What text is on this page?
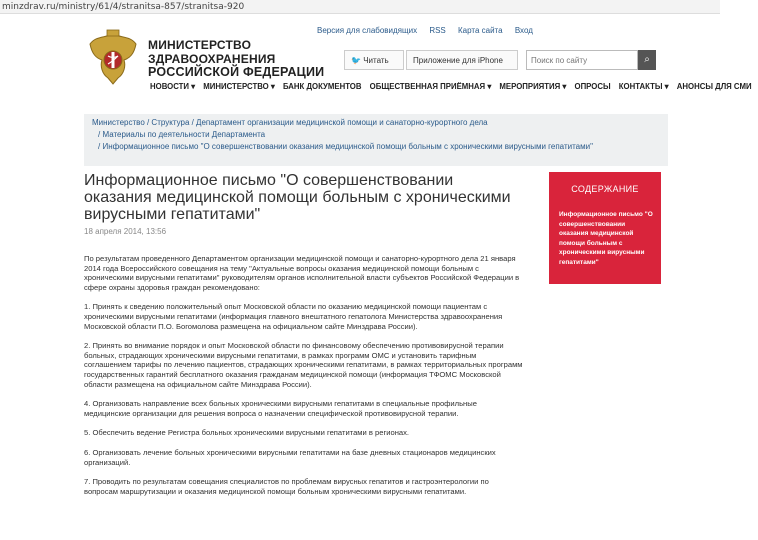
minzdrav.ru/ministry/61/4/stranitsa-857/stranitsa-920
МИНИСТЕРСТВО
ЗДРАВООХРАНЕНИЯ
РОССИЙСКОЙ ФЕДЕРАЦИИ
Версия для слабовидящих RSS Карта сайта Вход
🐦 Читать	Приложение для iPhone
Поиск по сайту	⌕
НОВОСТИ ▾ МИНИСТЕРСТВО ▾ БАНК ДОКУМЕНТОВ ОБЩЕСТВЕННАЯ ПРИЁМНАЯ ▾ МЕРОПРИЯТИЯ ▾ ОПРОСЫ КОНТАКТЫ ▾ АНОНСЫ ДЛЯ СМИ
Министерство / Структура / Департамент организации медицинской помощи и санаторно-курортного дела
/ Материалы по деятельности Департамента
/ Информационное письмо "О совершенствовании оказания медицинской помощи больным с хроническими вирусными гепатитами"
Информационное письмо "О совершенствовании оказания медицинской помощи больным с хроническими вирусными гепатитами"
18 апреля 2014, 13:56
СОДЕРЖАНИЕ
Информационное письмо "О совершенствовании оказания медицинской помощи больным с хроническими вирусными гепатитами"

По результатам проведенного Департаментом организации медицинской помощи и санаторно-курортного дела 21 января 2014 года Всероссийского совещания на тему "Актуальные вопросы оказания медицинской помощи больным с хроническими вирусными гепатитами" руководителям органов исполнительной власти субъектов Российской Федерации в сфере охраны здоровья граждан рекомендовано:

1. Принять к сведению положительный опыт Московской области по оказанию медицинской помощи пациентам с хроническими вирусными гепатитами (информация главного внештатного гепатолога Министерства здравоохранения Московской области П.О. Богомолова размещена на официальном сайте Минздрава России).

2. Принять во внимание порядок и опыт Московской области по финансовому обеспечению противовирусной терапии больных, страдающих хроническими вирусными гепатитами, в рамках программ ОМС и установить тарифным соглашением тарифы по лечению пациентов, страдающих хроническими гепатитами, в рамках территориальных программ государственных гарантий бесплатного оказания гражданам медицинской помощи (информация ТФОМС Московской области размещена на официальном сайте Минздрава России).

4. Организовать направление всех больных хроническими вирусными гепатитами в специальные профильные медицинские организации для решения вопроса о назначении специфической противовирусной терапии.

5. Обеспечить ведение Регистра больных хроническими вирусными гепатитами в регионах.

6. Организовать лечение больных хроническими вирусными гепатитами на базе дневных стационаров медицинских организаций.

7. Проводить по результатам совещания специалистов по проблемам вирусных гепатитов и гастроэнтерологии по вопросам маршрутизации и оказания медицинской помощи больным хроническими вирусными гепатитами.
